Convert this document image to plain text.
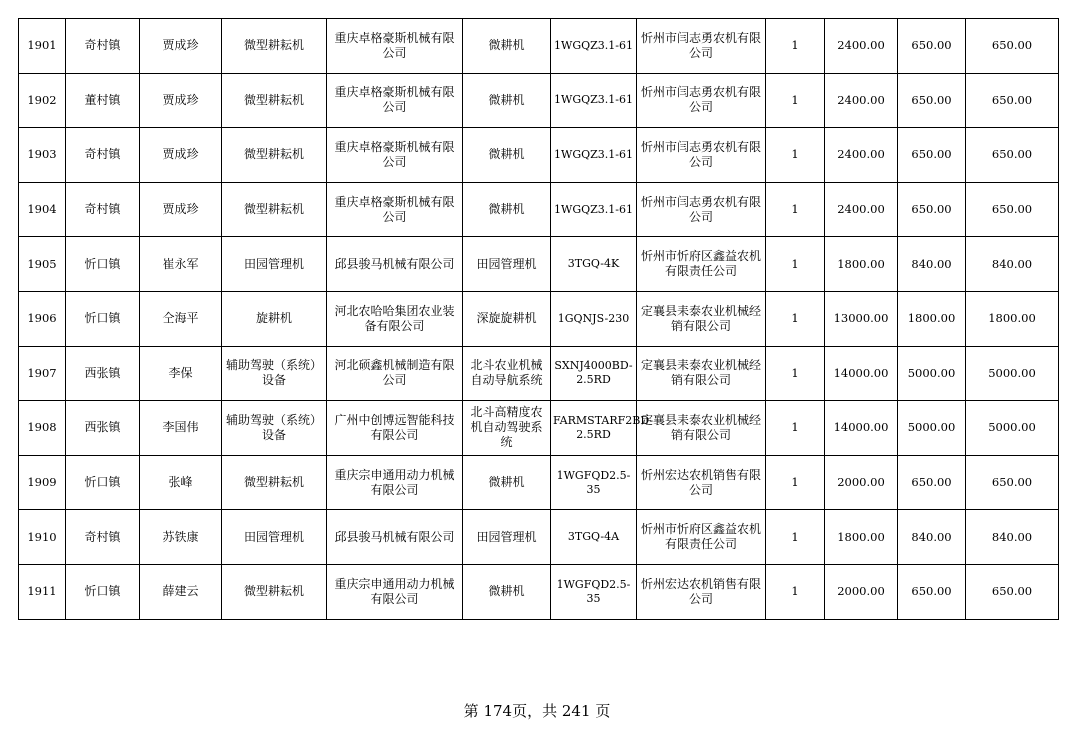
1901	奇村镇	贾成珍	微型耕耘机	重庆卓格豪斯机械有限公司	微耕机	1WGQZ3.1-61	忻州市闫志勇农机有限公司	1	2400.00	650.00	650.00
1902	董村镇	贾成珍	微型耕耘机	重庆卓格豪斯机械有限公司	微耕机	1WGQZ3.1-61	忻州市闫志勇农机有限公司	1	2400.00	650.00	650.00
1903	奇村镇	贾成珍	微型耕耘机	重庆卓格豪斯机械有限公司	微耕机	1WGQZ3.1-61	忻州市闫志勇农机有限公司	1	2400.00	650.00	650.00
1904	奇村镇	贾成珍	微型耕耘机	重庆卓格豪斯机械有限公司	微耕机	1WGQZ3.1-61	忻州市闫志勇农机有限公司	1	2400.00	650.00	650.00
1905	忻口镇	崔永军	田园管理机	邱县骏马机械有限公司	田园管理机	3TGQ-4K	忻州市忻府区鑫益农机有限责任公司	1	1800.00	840.00	840.00
1906	忻口镇	仝海平	旋耕机	河北农哈哈集团农业装备有限公司	深旋旋耕机	1GQNJS-230	定襄县耒泰农业机械经销有限公司	1	13000.00	1800.00	1800.00
1907	西张镇	李保	辅助驾驶（系统）设备	河北硕鑫机械制造有限公司	北斗农业机械自动导航系统	SXNJ4000BD-2.5RD	定襄县耒泰农业机械经销有限公司	1	14000.00	5000.00	5000.00
1908	西张镇	李国伟	辅助驾驶（系统）设备	广州中创博远智能科技有限公司	北斗高精度农机自动驾驶系统	FARMSTARF2BD-2.5RD	定襄县耒泰农业机械经销有限公司	1	14000.00	5000.00	5000.00
1909	忻口镇	张峰	微型耕耘机	重庆宗申通用动力机械有限公司	微耕机	1WGFQD2.5-35	忻州宏达农机销售有限公司	1	2000.00	650.00	650.00
1910	奇村镇	苏铁康	田园管理机	邱县骏马机械有限公司	田园管理机	3TGQ-4A	忻州市忻府区鑫益农机有限责任公司	1	1800.00	840.00	840.00
1911	忻口镇	薛建云	微型耕耘机	重庆宗申通用动力机械有限公司	微耕机	1WGFQD2.5-35	忻州宏达农机销售有限公司	1	2000.00	650.00	650.00
第 174页，共 241 页
